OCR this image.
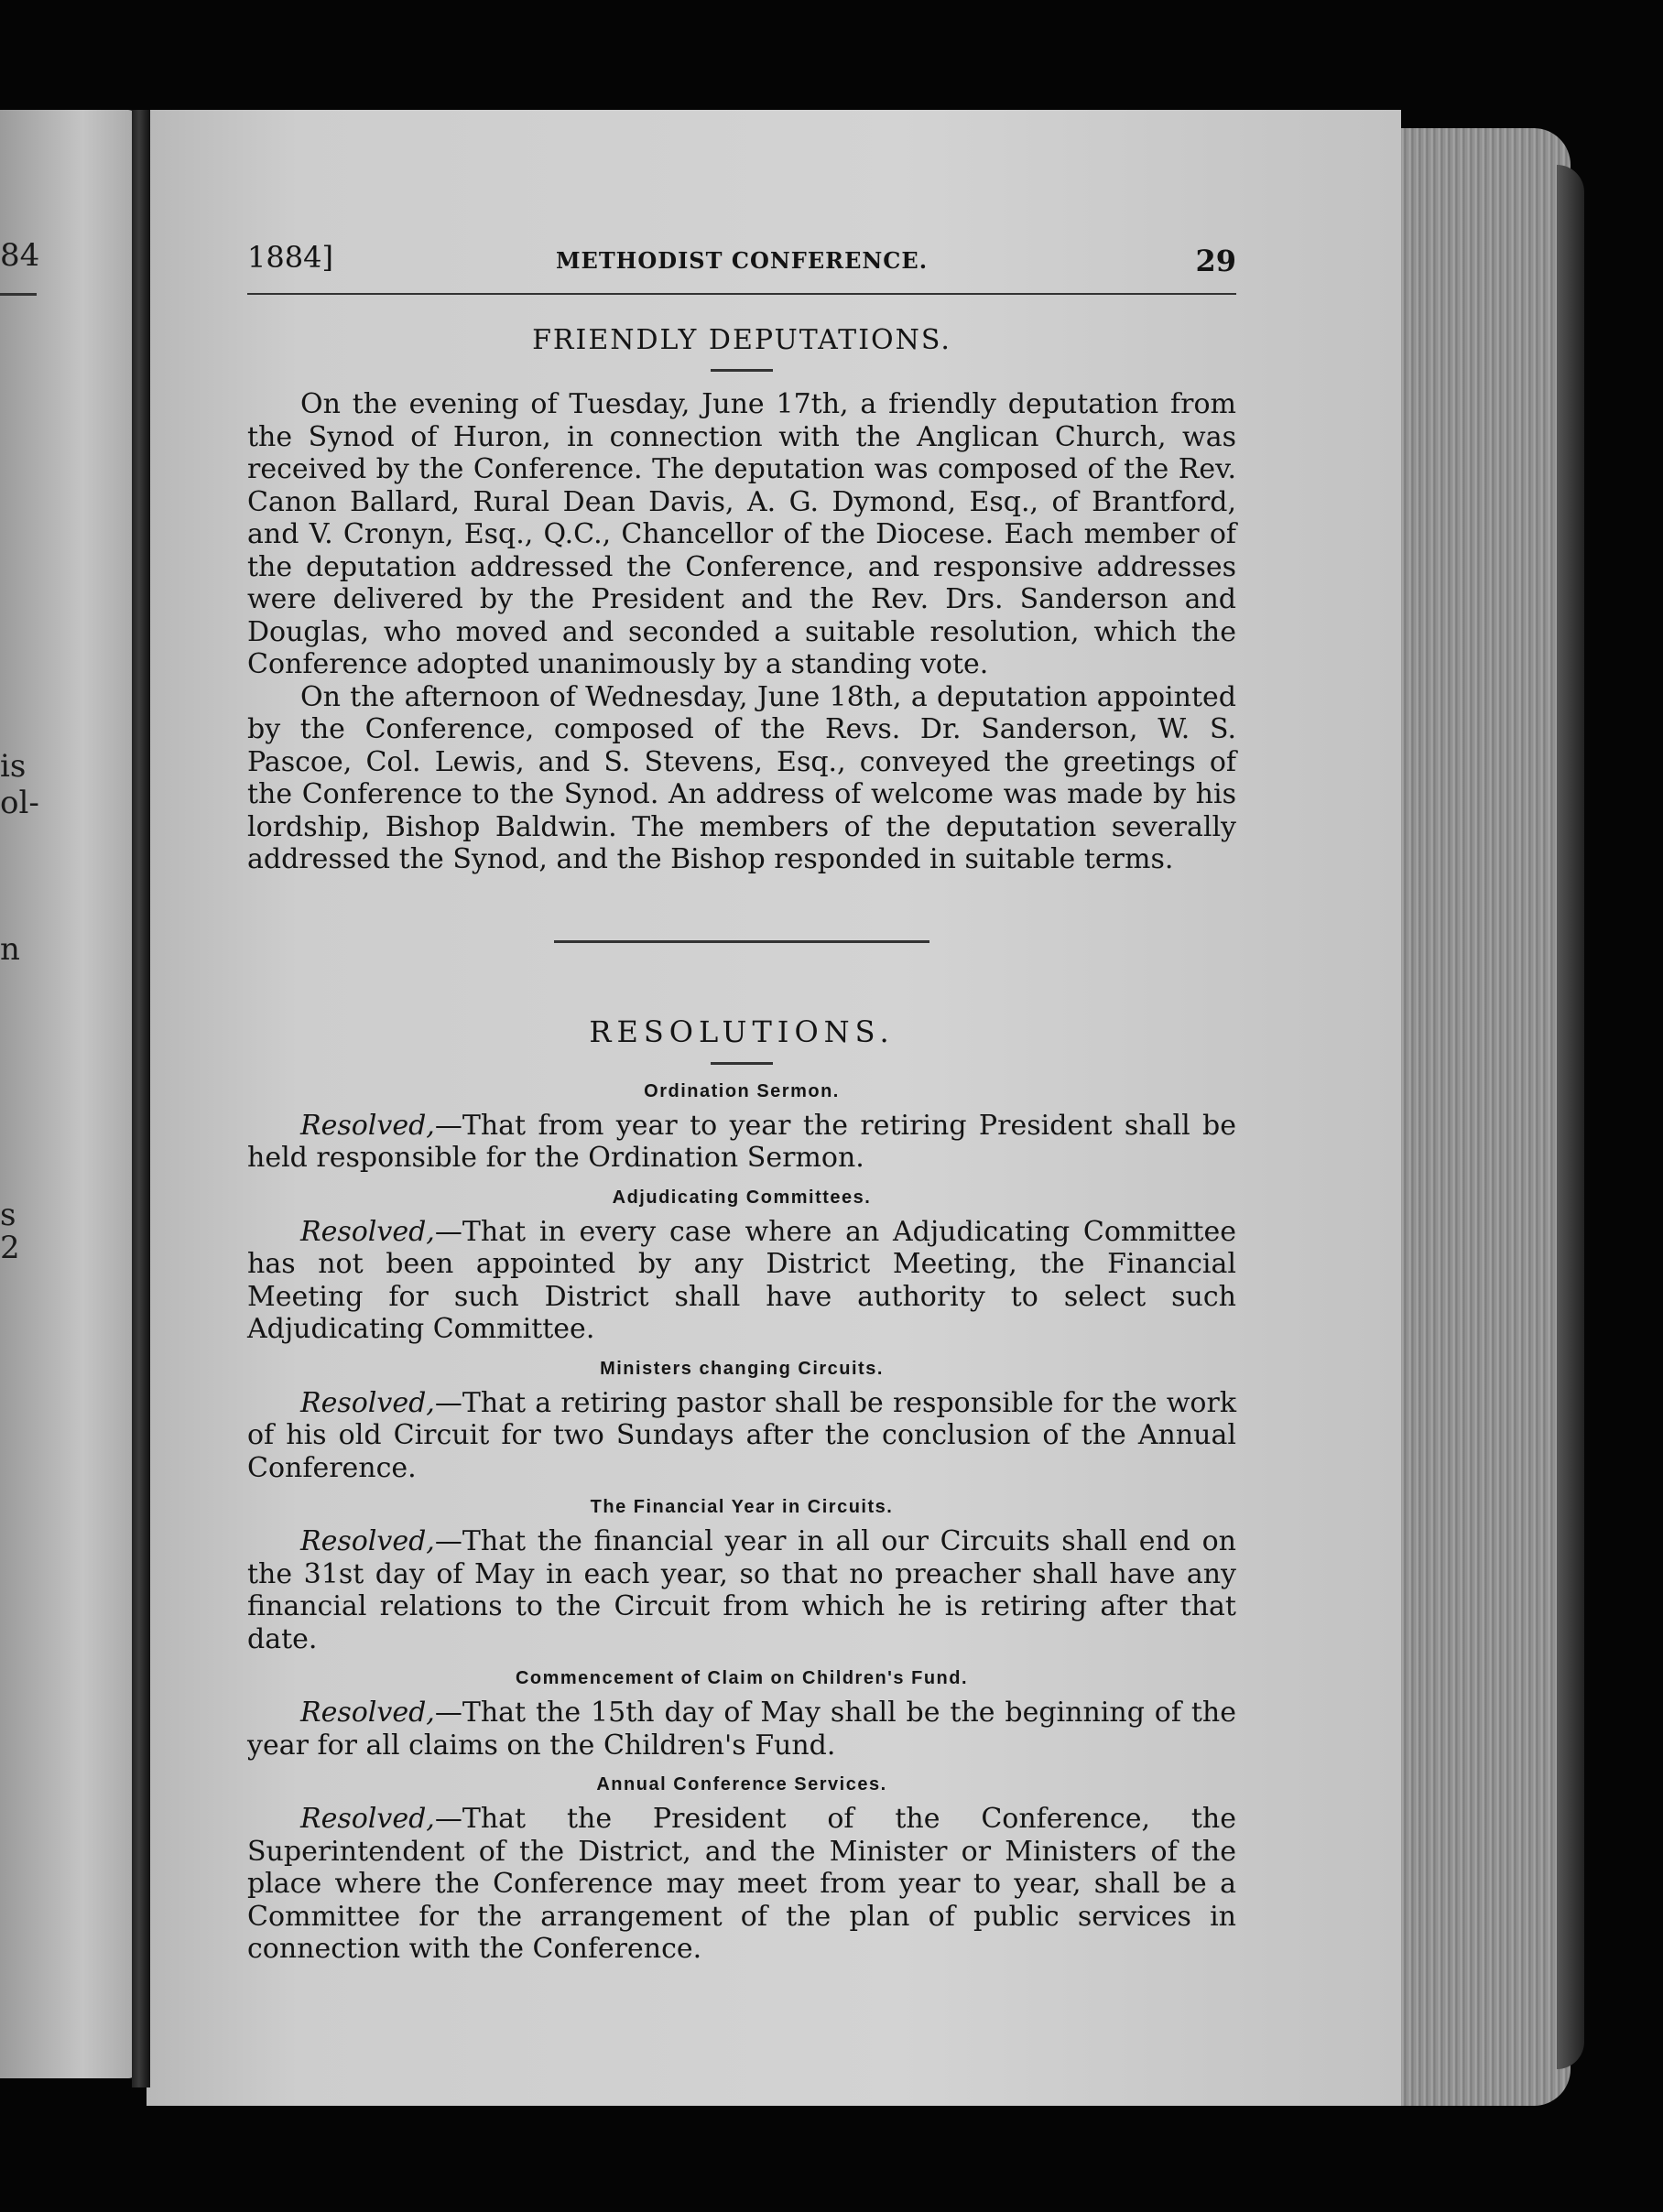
84
is
ol-
n
s
2
1884]	METHODIST CONFERENCE.	29
FRIENDLY DEPUTATIONS.

On the evening of Tuesday, June 17th, a friendly deputation from the Synod of Huron, in connection with the Anglican Church, was received by the Conference. The deputation was composed of the Rev. Canon Ballard, Rural Dean Davis, A. G. Dymond, Esq., of Brantford, and V. Cronyn, Esq., Q.C., Chancellor of the Diocese. Each member of the deputation addressed the Conference, and responsive addresses were delivered by the President and the Rev. Drs. Sanderson and Douglas, who moved and seconded a suitable resolution, which the Conference adopted unanimously by a standing vote.

On the afternoon of Wednesday, June 18th, a deputation appointed by the Conference, composed of the Revs. Dr. Sanderson, W. S. Pascoe, Col. Lewis, and S. Stevens, Esq., conveyed the greetings of the Conference to the Synod. An address of welcome was made by his lordship, Bishop Baldwin. The members of the deputation severally addressed the Synod, and the Bishop responded in suitable terms.

RESOLUTIONS.
Ordination Sermon.

Resolved,—That from year to year the retiring President shall be held responsible for the Ordination Sermon.

Adjudicating Committees.

Resolved,—That in every case where an Adjudicating Committee has not been appointed by any District Meeting, the Financial Meeting for such District shall have authority to select such Adjudicating Committee.

Ministers changing Circuits.

Resolved,—That a retiring pastor shall be responsible for the work of his old Circuit for two Sundays after the conclusion of the Annual Conference.

The Financial Year in Circuits.

Resolved,—That the financial year in all our Circuits shall end on the 31st day of May in each year, so that no preacher shall have any financial relations to the Circuit from which he is retiring after that date.

Commencement of Claim on Children's Fund.

Resolved,—That the 15th day of May shall be the beginning of the year for all claims on the Children's Fund.

Annual Conference Services.

Resolved,—That the President of the Conference, the Superintendent of the District, and the Minister or Ministers of the place where the Conference may meet from year to year, shall be a Committee for the arrangement of the plan of public services in connection with the Conference.
